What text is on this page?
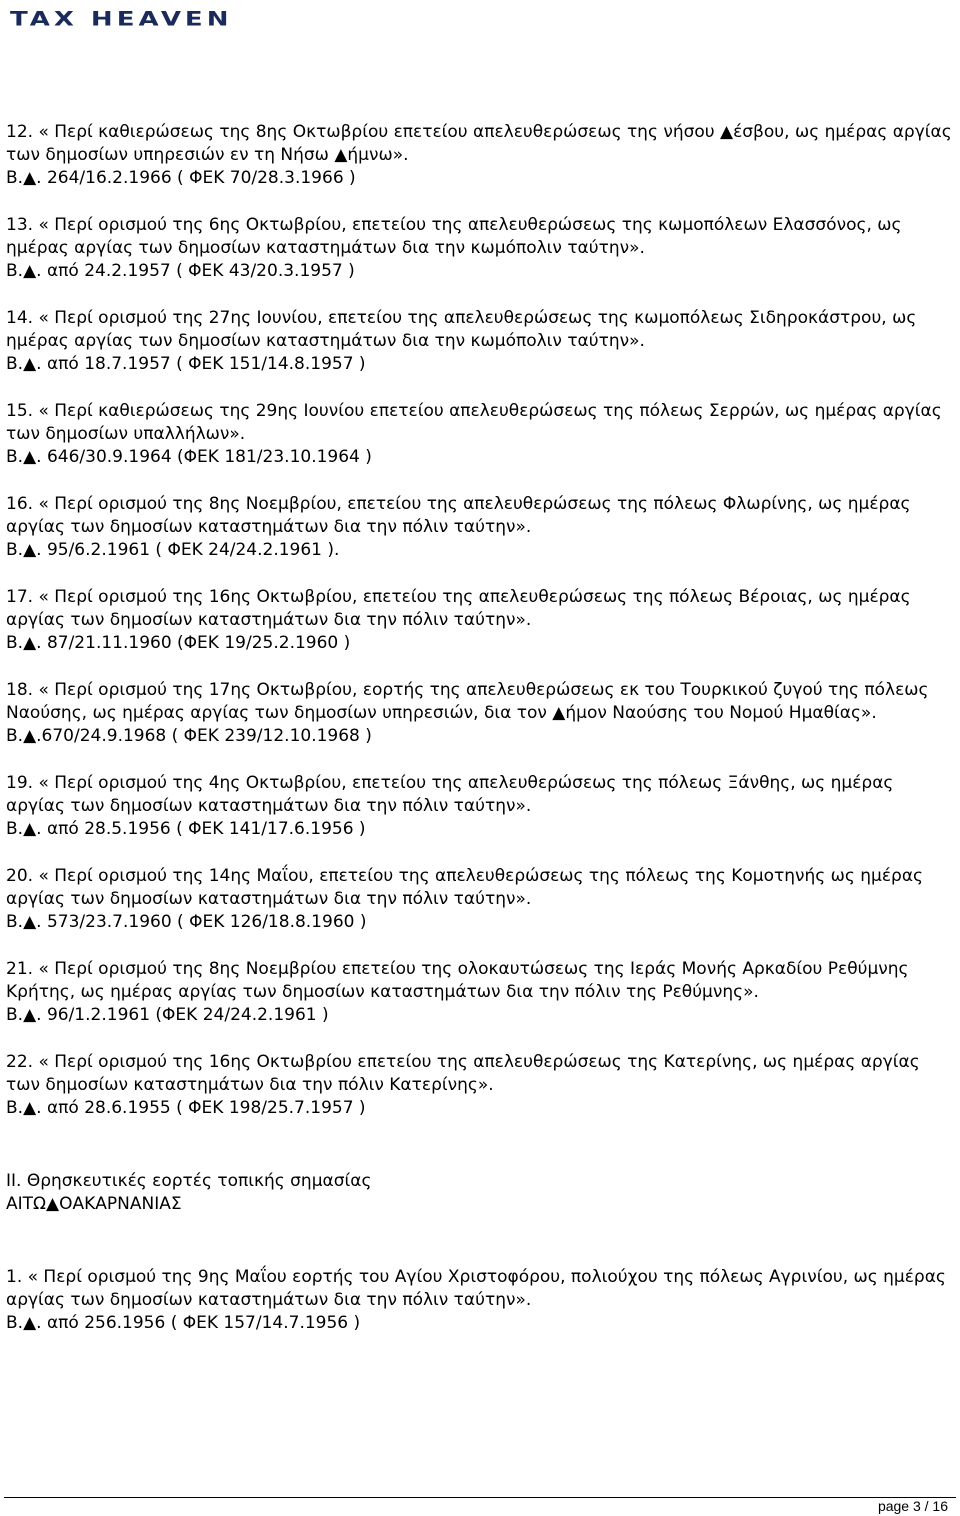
TAX HEAVEN

12. « Περί καθιερώσεως της 8ης Οκτωβρίου επετείου απελευθερώσεως της νήσου ▲έσβου, ως ημέρας αργίας των δημοσίων υπηρεσιών εν τη Νήσω ▲ήμνω».

Β.▲. 264/16.2.1966 ( ΦΕΚ 70/28.3.1966 )

13. « Περί ορισμού της 6ης Οκτωβρίου, επετείου της απελευθερώσεως της κωμοπόλεων Ελασσόνος, ως ημέρας αργίας των δημοσίων καταστημάτων δια την κωμόπολιν ταύτην».

Β.▲. από 24.2.1957 ( ΦΕΚ 43/20.3.1957 )

14. « Περί ορισμού της 27ης Ιουνίου, επετείου της απελευθερώσεως της κωμοπόλεως Σιδηροκάστρου, ως ημέρας αργίας των δημοσίων καταστημάτων δια την κωμόπολιν ταύτην».

Β.▲. από 18.7.1957 ( ΦΕΚ 151/14.8.1957 )

15. « Περί καθιερώσεως της 29ης Ιουνίου επετείου απελευθερώσεως της πόλεως Σερρών, ως ημέρας αργίας των δημοσίων υπαλλήλων».

Β.▲. 646/30.9.1964 (ΦΕΚ 181/23.10.1964 )

16. « Περί ορισμού της 8ης Νοεμβρίου, επετείου της απελευθερώσεως της πόλεως Φλωρίνης, ως ημέρας αργίας των δημοσίων καταστημάτων δια την πόλιν ταύτην».

Β.▲. 95/6.2.1961 ( ΦΕΚ 24/24.2.1961 ).

17. « Περί ορισμού της 16ης Οκτωβρίου, επετείου της απελευθερώσεως της πόλεως Βέροιας, ως ημέρας αργίας των δημοσίων καταστημάτων δια την πόλιν ταύτην».

Β.▲. 87/21.11.1960 (ΦΕΚ 19/25.2.1960 )

18. « Περί ορισμού της 17ης Οκτωβρίου, εορτής της απελευθερώσεως εκ του Τουρκικού ζυγού της πόλεως Ναούσης, ως ημέρας αργίας των δημοσίων υπηρεσιών, δια τον ▲ήμον Ναούσης του Νομού Ημαθίας».

Β.▲.670/24.9.1968 ( ΦΕΚ 239/12.10.1968 )

19. « Περί ορισμού της 4ης Οκτωβρίου, επετείου της απελευθερώσεως της πόλεως Ξάνθης, ως ημέρας αργίας των δημοσίων καταστημάτων δια την πόλιν ταύτην».

Β.▲. από 28.5.1956 ( ΦΕΚ 141/17.6.1956 )

20. « Περί ορισμού της 14ης Μαΐου, επετείου της απελευθερώσεως της πόλεως της Κομοτηνής ως ημέρας αργίας των δημοσίων καταστημάτων δια την πόλιν ταύτην».

Β.▲. 573/23.7.1960 ( ΦΕΚ 126/18.8.1960 )

21. « Περί ορισμού της 8ης Νοεμβρίου επετείου της ολοκαυτώσεως της Ιεράς Μονής Αρκαδίου Ρεθύμνης Κρήτης, ως ημέρας αργίας των δημοσίων καταστημάτων δια την πόλιν της Ρεθύμνης».

Β.▲. 96/1.2.1961 (ΦΕΚ 24/24.2.1961 )

22. « Περί ορισμού της 16ης Οκτωβρίου επετείου της απελευθερώσεως της Κατερίνης, ως ημέρας αργίας των δημοσίων καταστημάτων δια την πόλιν Κατερίνης».

Β.▲. από 28.6.1955 ( ΦΕΚ 198/25.7.1957 )

ΙΙ. Θρησκευτικές εορτές τοπικής σημασίας

ΑΙΤΩ▲ΟΑΚΑΡΝΑΝΙΑΣ

1. « Περί ορισμού της 9ης Μαΐου εορτής του Αγίου Χριστοφόρου, πολιούχου της πόλεως Αγρινίου, ως ημέρας αργίας των δημοσίων καταστημάτων δια την πόλιν ταύτην».

Β.▲. από 256.1956 ( ΦΕΚ 157/14.7.1956 )

page 3 / 16
